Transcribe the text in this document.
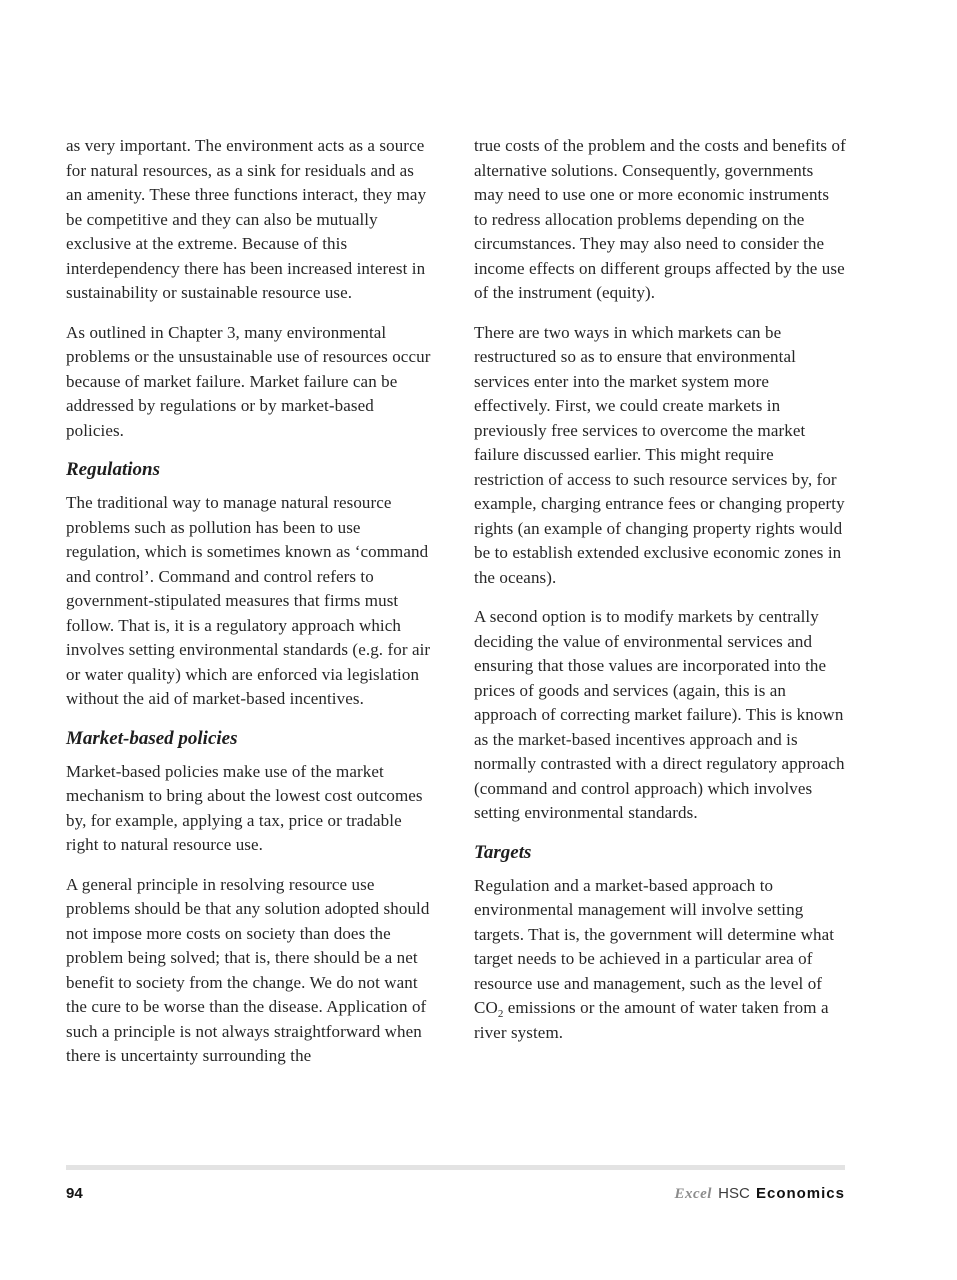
as very important. The environment acts as a source for natural resources, as a sink for residuals and as an amenity. These three functions interact, they may be competitive and they can also be mutually exclusive at the extreme. Because of this interdependency there has been increased interest in sustainability or sustainable resource use.

As outlined in Chapter 3, many environmental problems or the unsustainable use of resources occur because of market failure. Market failure can be addressed by regulations or by market-based policies.

Regulations

The traditional way to manage natural resource problems such as pollution has been to use regulation, which is sometimes known as ‘command and control’. Command and control refers to government-stipulated measures that firms must follow. That is, it is a regulatory approach which involves setting environmental standards (e.g. for air or water quality) which are enforced via legislation without the aid of market-based incentives.

Market-based policies

Market-based policies make use of the market mechanism to bring about the lowest cost outcomes by, for example, applying a tax, price or tradable right to natural resource use.

A general principle in resolving resource use problems should be that any solution adopted should not impose more costs on society than does the problem being solved; that is, there should be a net benefit to society from the change. We do not want the cure to be worse than the disease. Application of such a principle is not always straightforward when there is uncertainty surrounding the

true costs of the problem and the costs and benefits of alternative solutions. Consequently, governments may need to use one or more economic instruments to redress allocation problems depending on the circumstances. They may also need to consider the income effects on different groups affected by the use of the instrument (equity).

There are two ways in which markets can be restructured so as to ensure that environmental services enter into the market system more effectively. First, we could create markets in previously free services to overcome the market failure discussed earlier. This might require restriction of access to such resource services by, for example, charging entrance fees or changing property rights (an example of changing property rights would be to establish extended exclusive economic zones in the oceans).

A second option is to modify markets by centrally deciding the value of environmental services and ensuring that those values are incorporated into the prices of goods and services (again, this is an approach of correcting market failure). This is known as the market-based incentives approach and is normally contrasted with a direct regulatory approach (command and control approach) which involves setting environmental standards.

Targets

Regulation and a market-based approach to environmental management will involve setting targets. That is, the government will determine what target needs to be achieved in a particular area of resource use and management, such as the level of $CO_2$ emissions or the amount of water taken from a river system.

94	Excel HSC Economics
